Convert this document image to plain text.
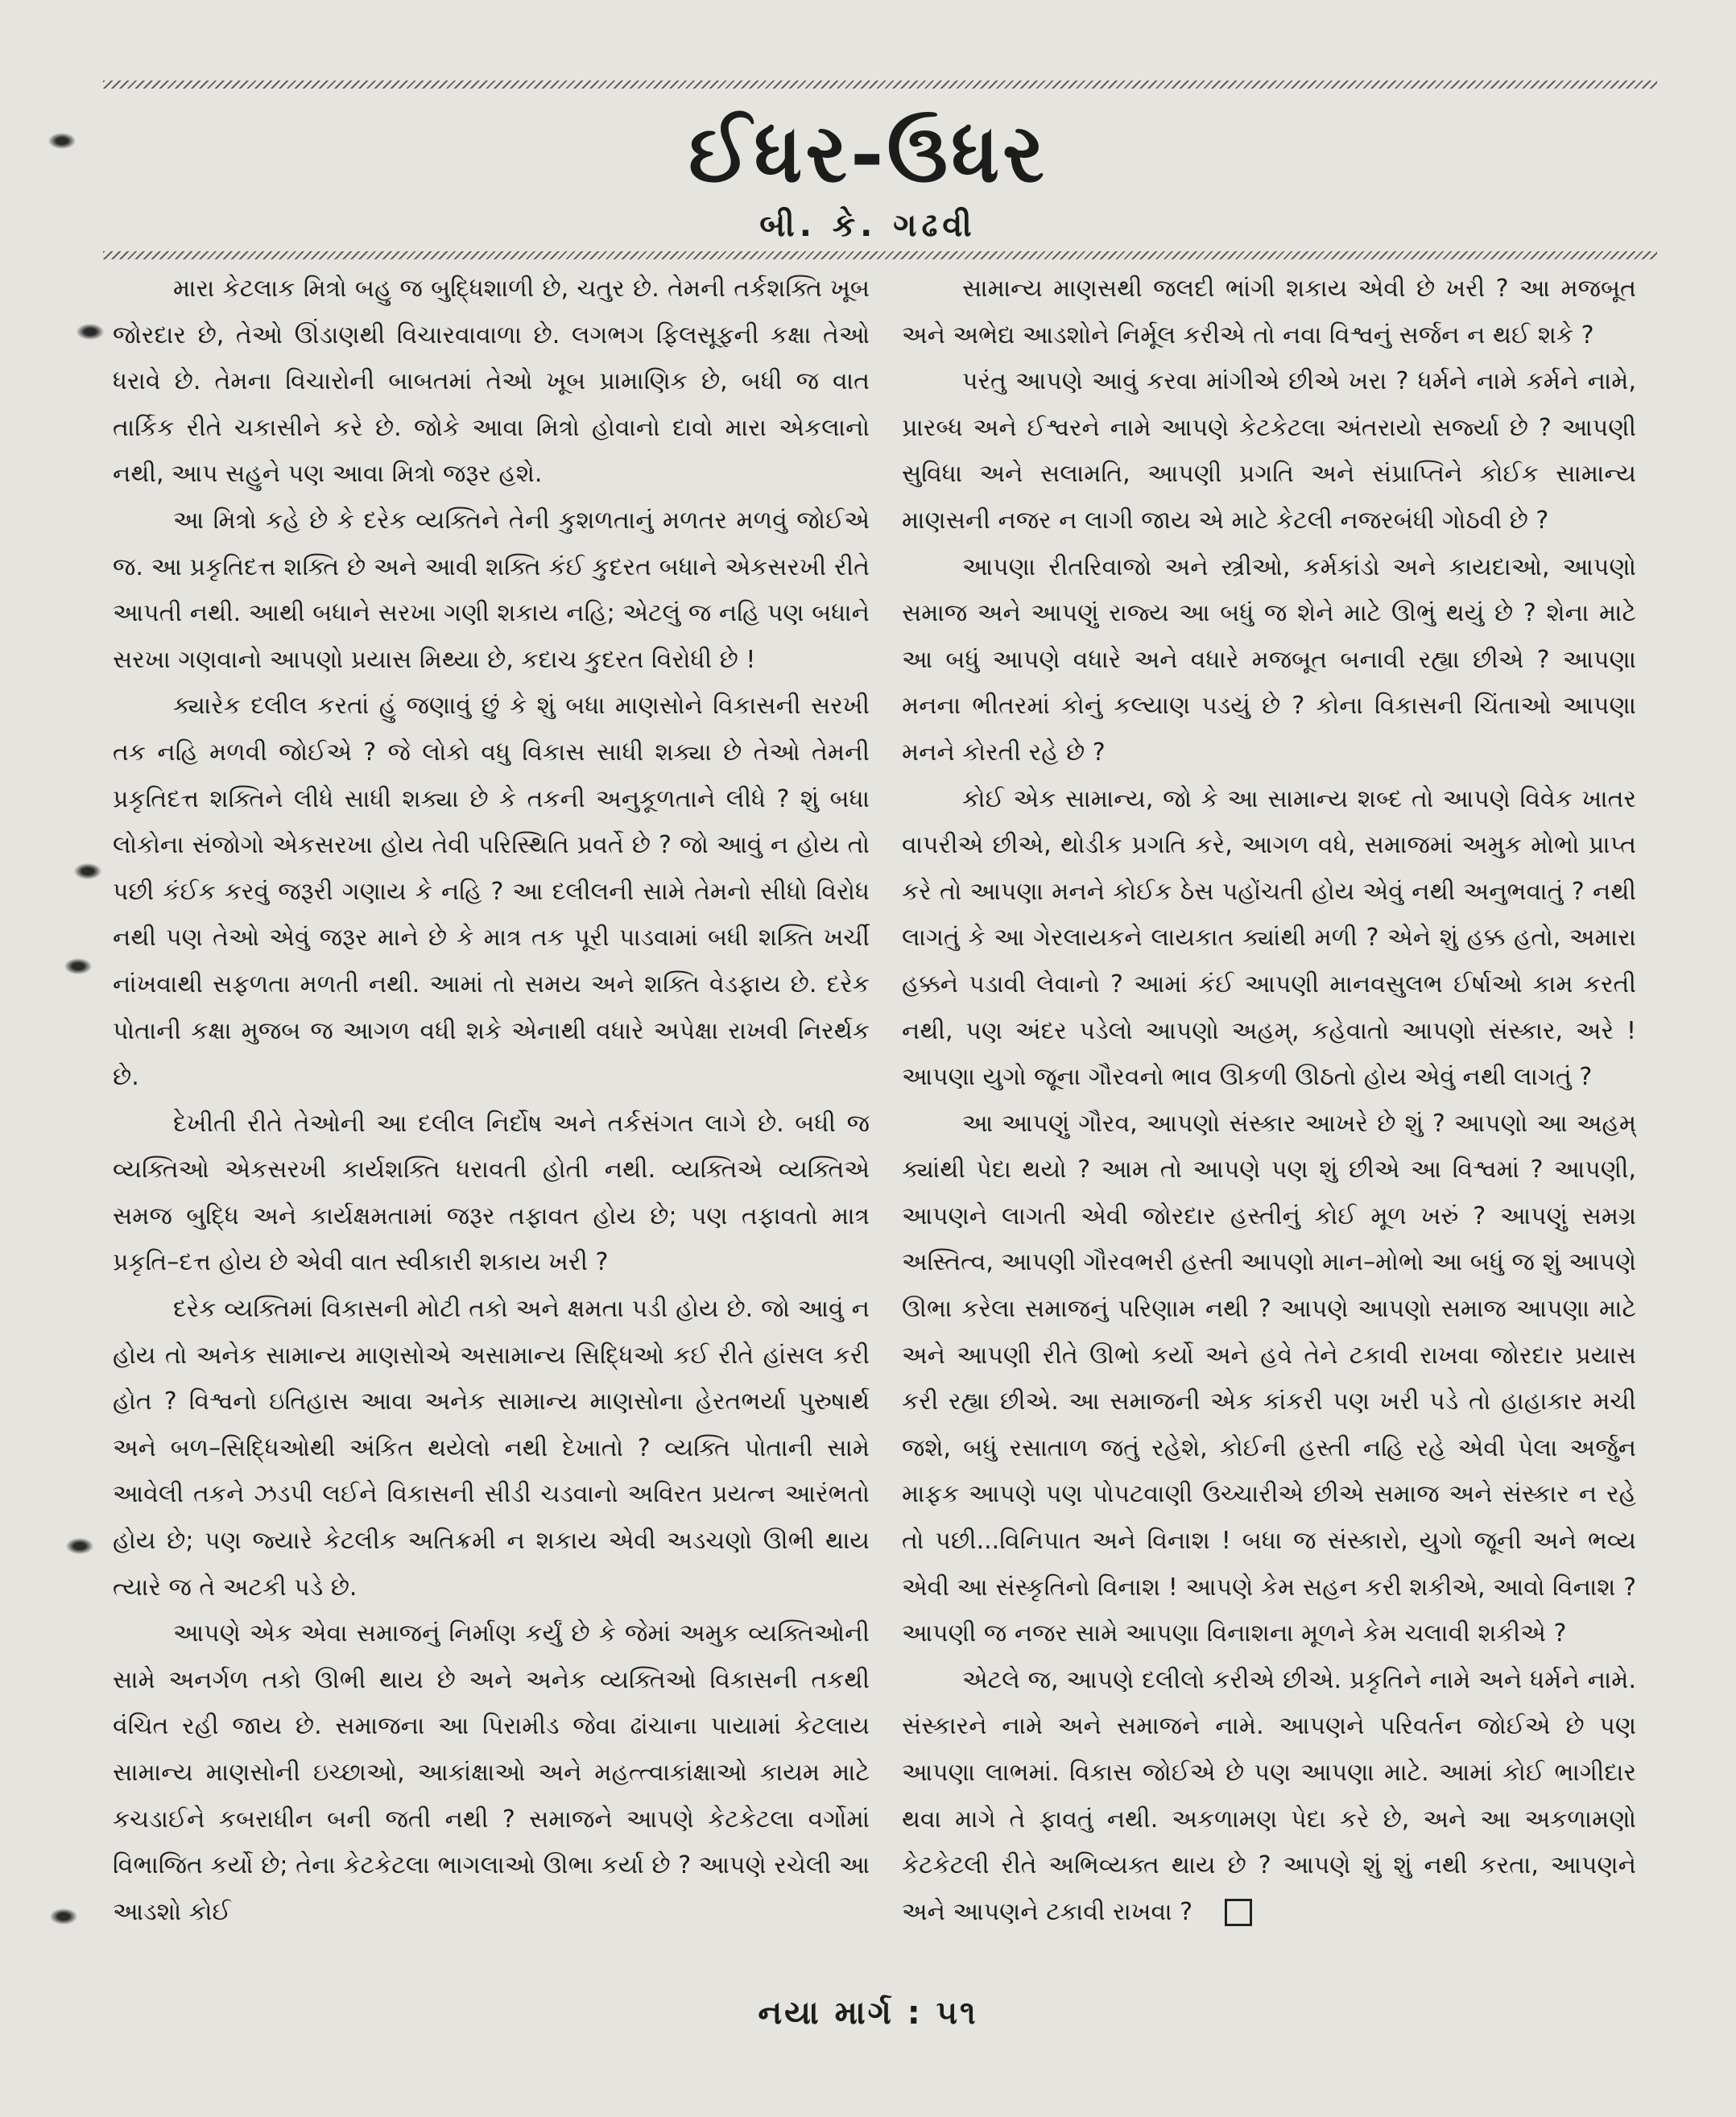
ઈધર-ઉધર
બી. કે. ગઢવી

મારા કેટલાક મિત્રો બહુ જ બુદ્ધિશાળી છે, ચતુર છે. તેમની તર્કશક્તિ ખૂબ જોરદાર છે, તેઓ ઊંડાણથી વિચારવાવાળા છે. લગભગ ફિલસૂફની કક્ષા તેઓ ધરાવે છે. તેમના વિચારોની બાબતમાં તેઓ ખૂબ પ્રામાણિક છે, બધી જ વાત તાર્કિક રીતે ચકાસીને કરે છે. જોકે આવા મિત્રો હોવાનો દાવો મારા એકલાનો નથી, આપ સહુને પણ આવા મિત્રો જરૂર હશે.

આ મિત્રો કહે છે કે દરેક વ્યક્તિને તેની કુશળતાનું મળતર મળવું જોઈએ જ. આ પ્રકૃતિદત્ત શક્તિ છે અને આવી શક્તિ કંઈ કુદરત બધાને એકસરખી રીતે આપતી નથી. આથી બધાને સરખા ગણી શકાય નહિ; એટલું જ નહિ પણ બધાને સરખા ગણવાનો આપણો પ્રયાસ મિથ્યા છે, કદાચ કુદરત વિરોધી છે !

ક્યારેક દલીલ કરતાં હું જણાવું છું કે શું બધા માણસોને વિકાસની સરખી તક નહિ મળવી જોઈએ ? જે લોકો વધુ વિકાસ સાધી શક્યા છે તેઓ તેમની પ્રકૃતિદત્ત શક્તિને લીધે સાધી શક્યા છે કે તકની અનુકૂળતાને લીધે ? શું બધા લોકોના સંજોગો એકસરખા હોય તેવી પરિસ્થિતિ પ્રવર્તે છે ? જો આવું ન હોય તો પછી કંઈક કરવું જરૂરી ગણાય કે નહિ ? આ દલીલની સામે તેમનો સીધો વિરોધ નથી પણ તેઓ એવું જરૂર માને છે કે માત્ર તક પૂરી પાડવામાં બધી શક્તિ ખર્ચી નાંખવાથી સફળતા મળતી નથી. આમાં તો સમય અને શક્તિ વેડફાય છે. દરેક પોતાની કક્ષા મુજબ જ આગળ વધી શકે એનાથી વધારે અપેક્ષા રાખવી નિરર્થક છે.

દેખીતી રીતે તેઓની આ દલીલ નિર્દોષ અને તર્કસંગત લાગે છે. બધી જ વ્યક્તિઓ એકસરખી કાર્યશક્તિ ધરાવતી હોતી નથી. વ્યક્તિએ વ્યક્તિએ સમજ બુદ્ધિ અને કાર્યક્ષમતામાં જરૂર તફાવત હોય છે; પણ તફાવતો માત્ર પ્રકૃતિ–દત્ત હોય છે એવી વાત સ્વીકારી શકાય ખરી ?

દરેક વ્યક્તિમાં વિકાસની મોટી તકો અને ક્ષમતા પડી હોય છે. જો આવું ન હોય તો અનેક સામાન્ય માણસોએ અસામાન્ય સિદ્ધિઓ કઈ રીતે હાંસલ કરી હોત ? વિશ્વનો ઇતિહાસ આવા અનેક સામાન્ય માણસોના હેરતભર્યા પુરુષાર્થ અને બળ–સિદ્ધિઓથી અંકિત થયેલો નથી દેખાતો ? વ્યક્તિ પોતાની સામે આવેલી તકને ઝડપી લઈને વિકાસની સીડી ચડવાનો અવિરત પ્રયત્ન આરંભતો હોય છે; પણ જ્યારે કેટલીક અતિક્રમી ન શકાય એવી અડચણો ઊભી થાય ત્યારે જ તે અટકી પડે છે.

આપણે એક એવા સમાજનું નિર્માણ કર્યું છે કે જેમાં અમુક વ્યક્તિઓની સામે અનર્ગળ તકો ઊભી થાય છે અને અનેક વ્યક્તિઓ વિકાસની તકથી વંચિત રહી જાય છે. સમાજના આ પિરામીડ જેવા ઢાંચાના પાયામાં કેટલાય સામાન્ય માણસોની ઇચ્છાઓ, આકાંક્ષાઓ અને મહત્ત્વાકાંક્ષાઓ કાયમ માટે કચડાઈને કબરાધીન બની જતી નથી ? સમાજને આપણે કેટકેટલા વર્ગોમાં વિભાજિત કર્યો છે; તેના કેટકેટલા ભાગલાઓ ઊભા કર્યા છે ? આપણે રચેલી આ આડશો કોઈ

સામાન્ય માણસથી જલદી ભાંગી શકાય એવી છે ખરી ? આ મજબૂત અને અભેદ્ય આડશોને નિર્મૂલ કરીએ તો નવા વિશ્વનું સર્જન ન થઈ શકે ?

પરંતુ આપણે આવું કરવા માંગીએ છીએ ખરા ? ધર્મને નામે કર્મને નામે, પ્રારબ્ધ અને ઈશ્વરને નામે આપણે કેટકેટલા અંતરાયો સર્જ્યા છે ? આપણી સુવિધા અને સલામતિ, આપણી પ્રગતિ અને સંપ્રાપ્તિને કોઈક સામાન્ય માણસની નજર ન લાગી જાય એ માટે કેટલી નજરબંધી ગોઠવી છે ?

આપણા રીતરિવાજો અને સ્ત્રીઓ, કર્મકાંડો અને કાયદાઓ, આપણો સમાજ અને આપણું રાજ્ય આ બધું જ શેને માટે ઊભું થયું છે ? શેના માટે આ બધું આપણે વધારે અને વધારે મજબૂત બનાવી રહ્યા છીએ ? આપણા મનના ભીતરમાં કોનું કલ્યાણ પડયું છે ? કોના વિકાસની ચિંતાઓ આપણા મનને કોરતી રહે છે ?

કોઈ એક સામાન્ય, જો કે આ સામાન્ય શબ્દ તો આપણે વિવેક ખાતર વાપરીએ છીએ, થોડીક પ્રગતિ કરે, આગળ વધે, સમાજમાં અમુક મોભો પ્રાપ્ત કરે તો આપણા મનને કોઈક ઠેસ પહોંચતી હોય એવું નથી અનુભવાતું ? નથી લાગતું કે આ ગેરલાયકને લાયકાત ક્યાંથી મળી ? એને શું હક્ક હતો, અમારા હક્કને પડાવી લેવાનો ? આમાં કંઈ આપણી માનવસુલભ ઈર્ષાઓ કામ કરતી નથી, પણ અંદર પડેલો આપણો અહમ્, કહેવાતો આપણો સંસ્કાર, અરે ! આપણા યુગો જૂના ગૌરવનો ભાવ ઊકળી ઊઠતો હોય એવું નથી લાગતું ?

આ આપણું ગૌરવ, આપણો સંસ્કાર આખરે છે શું ? આપણો આ અહમ્ ક્યાંથી પેદા થયો ? આમ તો આપણે પણ શું છીએ આ વિશ્વમાં ? આપણી, આપણને લાગતી એવી જોરદાર હસ્તીનું કોઈ મૂળ ખરું ? આપણું સમગ્ર અસ્તિત્વ, આપણી ગૌરવભરી હસ્તી આપણો માન–મોભો આ બધું જ શું આપણે ઊભા કરેલા સમાજનું પરિણામ નથી ? આપણે આપણો સમાજ આપણા માટે અને આપણી રીતે ઊભો કર્યો અને હવે તેને ટકાવી રાખવા જોરદાર પ્રયાસ કરી રહ્યા છીએ. આ સમાજની એક કાંકરી પણ ખરી પડે તો હાહાકાર મચી જશે, બધું રસાતાળ જતું રહેશે, કોઈની હસ્તી નહિ રહે એવી પેલા અર્જુન માફક આપણે પણ પોપટવાણી ઉચ્ચારીએ છીએ સમાજ અને સંસ્કાર ન રહે તો પછી...વિનિપાત અને વિનાશ ! બધા જ સંસ્કારો, યુગો જૂની અને ભવ્ય એવી આ સંસ્કૃતિનો વિનાશ ! આપણે કેમ સહન કરી શકીએ, આવો વિનાશ ? આપણી જ નજર સામે આપણા વિનાશના મૂળને કેમ ચલાવી શકીએ ?

એટલે જ, આપણે દલીલો કરીએ છીએ. પ્રકૃતિને નામે અને ધર્મને નામે. સંસ્કારને નામે અને સમાજને નામે. આપણને પરિવર્તન જોઈએ છે પણ આપણા લાભમાં. વિકાસ જોઈએ છે પણ આપણા માટે. આમાં કોઈ ભાગીદાર થવા માગે તે ફાવતું નથી. અકળામણ પેદા કરે છે, અને આ અકળામણો કેટકેટલી રીતે અભિવ્યક્ત થાય છે ? આપણે શું શું નથી કરતા, આપણને અને આપણને ટકાવી રાખવા ?

નયા માર્ગ : ૫૧
